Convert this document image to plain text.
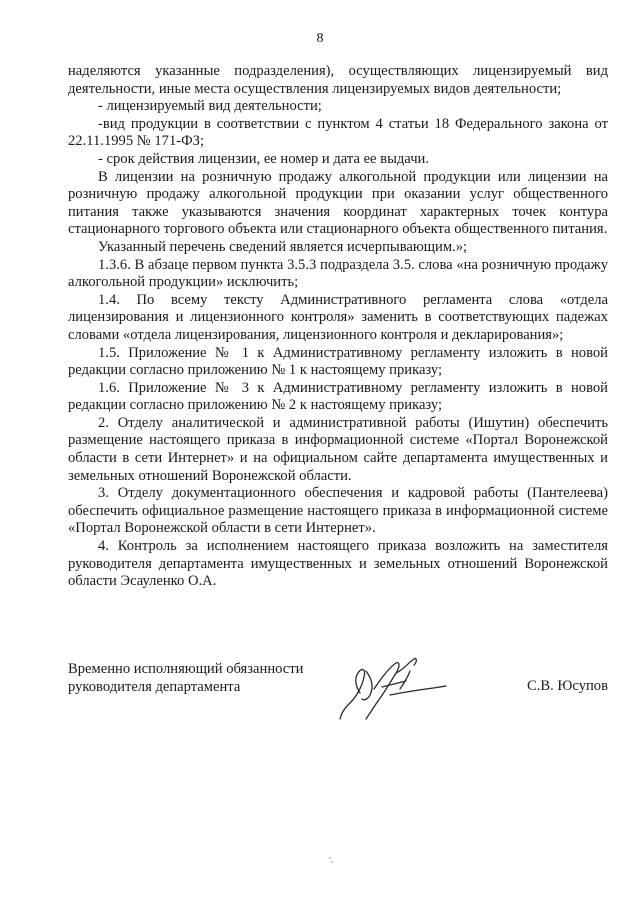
8

наделяются указанные подразделения), осуществляющих лицензируемый вид деятельности, иные места осуществления лицензируемых видов деятельности;

- лицензируемый вид деятельности;

-вид продукции в соответствии с пунктом 4 статьи 18 Федерального закона от 22.11.1995 № 171-ФЗ;

- срок действия лицензии, ее номер и дата ее выдачи.

В лицензии на розничную продажу алкогольной продукции или лицензии на розничную продажу алкогольной продукции при оказании услуг общественного питания также указываются значения координат характерных точек контура стационарного торгового объекта или стационарного объекта общественного питания.

Указанный перечень сведений является исчерпывающим.»;

1.3.6. В абзаце первом пункта 3.5.3 подраздела 3.5. слова «на розничную продажу алкогольной продукции» исключить;

1.4. По всему тексту Административного регламента слова «отдела лицензирования и лицензионного контроля» заменить в соответствующих падежах словами «отдела лицензирования, лицензионного контроля и декларирования»;

1.5. Приложение № 1 к Административному регламенту изложить в новой редакции согласно приложению № 1 к настоящему приказу;

1.6. Приложение № 3 к Административному регламенту изложить в новой редакции согласно приложению № 2 к настоящему приказу;

2. Отделу аналитической и административной работы (Ишутин) обеспечить размещение настоящего приказа в информационной системе «Портал Воронежской области в сети Интернет» и на официальном сайте департамента имущественных и земельных отношений Воронежской области.

3. Отделу документационного обеспечения и кадровой работы (Пантелеева) обеспечить официальное размещение настоящего приказа в информационной системе «Портал Воронежской области в сети Интернет».

4. Контроль за исполнением настоящего приказа возложить на заместителя руководителя департамента имущественных и земельных отношений Воронежской области Эсауленко О.А.

Временно исполняющий обязанности
руководителя департамента	С.В. Юсупов
